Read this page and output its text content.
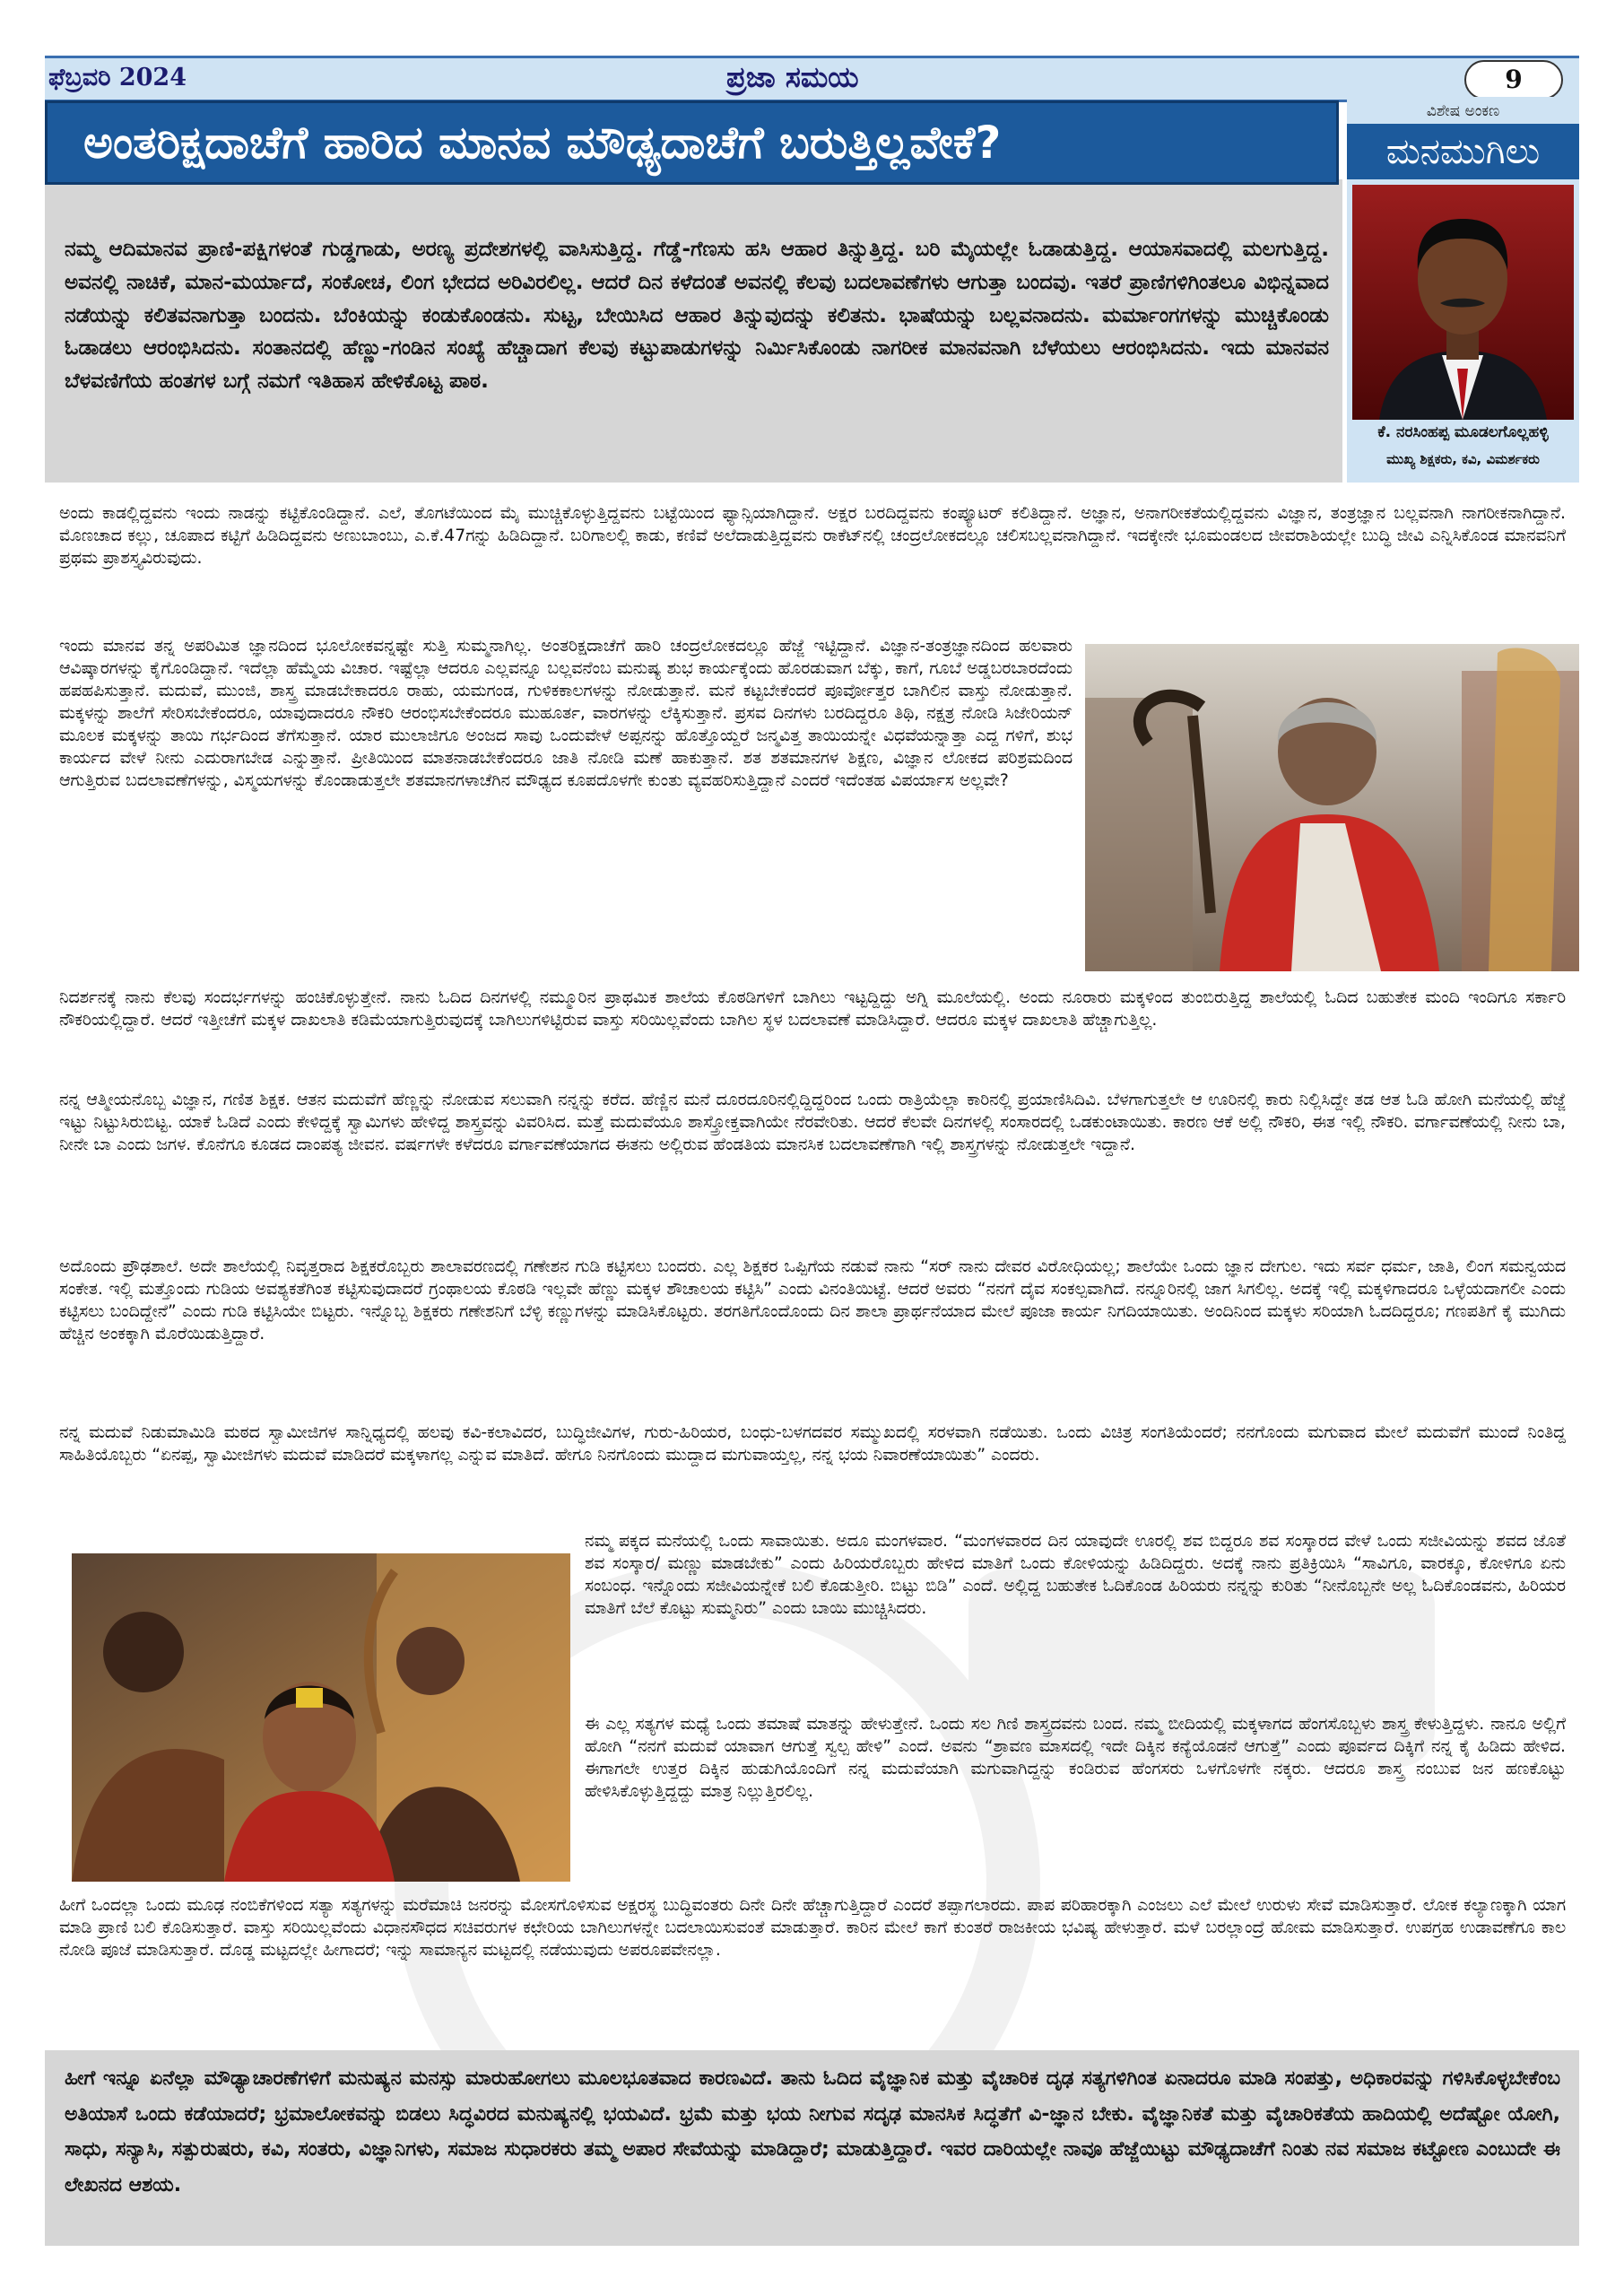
ಫೆಬ್ರವರಿ 2024	ಪ್ರಜಾ ಸಮಯ	9

ನಮ್ಮ ಆದಿಮಾನವ ಪ್ರಾಣಿ-ಪಕ್ಷಿಗಳಂತೆ ಗುಡ್ಡಗಾಡು, ಅರಣ್ಯ ಪ್ರದೇಶಗಳಲ್ಲಿ ವಾಸಿಸುತ್ತಿದ್ದ. ಗೆಡ್ಡೆ-ಗೆಣಸು ಹಸಿ ಆಹಾರ ತಿನ್ನುತ್ತಿದ್ದ. ಬರಿ ಮೈಯಲ್ಲೇ ಓಡಾಡುತ್ತಿದ್ದ. ಆಯಾಸವಾದಲ್ಲಿ ಮಲಗುತ್ತಿದ್ದ. ಅವನಲ್ಲಿ ನಾಚಿಕೆ, ಮಾನ-ಮರ್ಯಾದೆ, ಸಂಕೋಚ, ಲಿಂಗ ಭೇದದ ಅರಿವಿರಲಿಲ್ಲ. ಆದರೆ ದಿನ ಕಳೆದಂತೆ ಅವನಲ್ಲಿ ಕೆಲವು ಬದಲಾವಣೆಗಳು ಆಗುತ್ತಾ ಬಂದವು. ಇತರೆ ಪ್ರಾಣಿಗಳಿಗಿಂತಲೂ ವಿಭಿನ್ನವಾದ ನಡೆಯನ್ನು ಕಲಿತವನಾಗುತ್ತಾ ಬಂದನು. ಬೆಂಕಿಯನ್ನು ಕಂಡುಕೊಂಡನು. ಸುಟ್ಟ, ಬೇಯಿಸಿದ ಆಹಾರ ತಿನ್ನುವುದನ್ನು ಕಲಿತನು. ಭಾಷೆಯನ್ನು ಬಲ್ಲವನಾದನು. ಮರ್ಮಾಂಗಗಳನ್ನು ಮುಚ್ಚಿಕೊಂಡು ಓಡಾಡಲು ಆರಂಭಿಸಿದನು. ಸಂತಾನದಲ್ಲಿ ಹೆಣ್ಣು-ಗಂಡಿನ ಸಂಖ್ಯೆ ಹೆಚ್ಚಾದಾಗ ಕೆಲವು ಕಟ್ಟುಪಾಡುಗಳನ್ನು ನಿರ್ಮಿಸಿಕೊಂಡು ನಾಗರೀಕ ಮಾನವನಾಗಿ ಬೆಳೆಯಲು ಆರಂಭಿಸಿದನು. ಇದು ಮಾನವನ ಬೆಳವಣಿಗೆಯ ಹಂತಗಳ ಬಗ್ಗೆ ನಮಗೆ ಇತಿಹಾಸ ಹೇಳಿಕೊಟ್ಟ ಪಾಠ.

ಅಂತರಿಕ್ಷದಾಚೆಗೆ ಹಾರಿದ ಮಾನವ ಮೌಢ್ಯದಾಚೆಗೆ ಬರುತ್ತಿಲ್ಲವೇಕೆ?
ವಿಶೇಷ ಅಂಕಣ
ಮನಮುಗಿಲು
ಕೆ. ನರಸಿಂಹಪ್ಪ ಮೂಡಲಗೊಲ್ಲಹಳ್ಳಿ
ಮುಖ್ಯ ಶಿಕ್ಷಕರು, ಕವಿ, ವಿಮರ್ಶಕರು

ಅಂದು ಕಾಡಲ್ಲಿದ್ದವನು ಇಂದು ನಾಡನ್ನು ಕಟ್ಟಿಕೊಂಡಿದ್ದಾನೆ. ಎಲೆ, ತೊಗಟೆಯಿಂದ ಮೈ ಮುಚ್ಚಿಕೊಳ್ಳುತ್ತಿದ್ದವನು ಬಟ್ಟೆಯಿಂದ ಫ್ಯಾನ್ಸಿಯಾಗಿದ್ದಾನೆ. ಅಕ್ಷರ ಬರದಿದ್ದವನು ಕಂಪ್ಯೂಟರ್ ಕಲಿತಿದ್ದಾನೆ. ಅಜ್ಞಾನ, ಅನಾಗರೀಕತೆಯಲ್ಲಿದ್ದವನು ವಿಜ್ಞಾನ, ತಂತ್ರಜ್ಞಾನ ಬಲ್ಲವನಾಗಿ ನಾಗರೀಕನಾಗಿದ್ದಾನೆ. ಮೊಣಚಾದ ಕಲ್ಲು, ಚೂಪಾದ ಕಟ್ಟಿಗೆ ಹಿಡಿದಿದ್ದವನು ಅಣುಬಾಂಬು, ಎ.ಕೆ.47ಗನ್ನು ಹಿಡಿದಿದ್ದಾನೆ. ಬರಿಗಾಲಲ್ಲಿ ಕಾಡು, ಕಣಿವೆ ಅಲೆದಾಡುತ್ತಿದ್ದವನು ರಾಕೆಟ್‌ನಲ್ಲಿ ಚಂದ್ರಲೋಕದಲ್ಲೂ ಚಲಿಸಬಲ್ಲವನಾಗಿದ್ದಾನೆ. ಇದಕ್ಕೇನೇ ಭೂಮಂಡಲದ ಜೀವರಾಶಿಯಲ್ಲೇ ಬುದ್ಧಿ ಜೀವಿ ಎನ್ನಿಸಿಕೊಂಡ ಮಾನವನಿಗೆ ಪ್ರಥಮ ಪ್ರಾಶಸ್ತ್ಯವಿರುವುದು.

ಇಂದು ಮಾನವ ತನ್ನ ಅಪರಿಮಿತ ಜ್ಞಾನದಿಂದ ಭೂಲೋಕವನ್ನಷ್ಟೇ ಸುತ್ತಿ ಸುಮ್ಮನಾಗಿಲ್ಲ. ಅಂತರಿಕ್ಷದಾಚೆಗೆ ಹಾರಿ ಚಂದ್ರಲೋಕದಲ್ಲೂ ಹೆಜ್ಜೆ ಇಟ್ಟಿದ್ದಾನೆ. ವಿಜ್ಞಾನ-ತಂತ್ರಜ್ಞಾನದಿಂದ ಹಲವಾರು ಆವಿಷ್ಕಾರಗಳನ್ನು ಕೈಗೊಂಡಿದ್ದಾನೆ. ಇದೆಲ್ಲಾ ಹೆಮ್ಮೆಯ ವಿಚಾರ. ಇಷ್ಟೆಲ್ಲಾ ಆದರೂ ಎಲ್ಲವನ್ನೂ ಬಲ್ಲವನೆಂಬ ಮನುಷ್ಯ ಶುಭ ಕಾರ್ಯಕ್ಕೆಂದು ಹೊರಡುವಾಗ ಬೆಕ್ಕು, ಕಾಗೆ, ಗೂಬೆ ಅಡ್ಡಬರಬಾರದೆಂದು ಹಪಹಪಿಸುತ್ತಾನೆ. ಮದುವೆ, ಮುಂಜಿ, ಶಾಸ್ತ್ರ ಮಾಡಬೇಕಾದರೂ ರಾಹು, ಯಮಗಂಡ, ಗುಳಿಕಕಾಲಗಳನ್ನು ನೋಡುತ್ತಾನೆ. ಮನೆ ಕಟ್ಟಬೇಕೆಂದರೆ ಪೂರ್ವೋತ್ತರ ಬಾಗಿಲಿನ ವಾಸ್ತು ನೋಡುತ್ತಾನೆ. ಮಕ್ಕಳನ್ನು ಶಾಲೆಗೆ ಸೇರಿಸಬೇಕೆಂದರೂ, ಯಾವುದಾದರೂ ನೌಕರಿ ಆರಂಭಿಸಬೇಕೆಂದರೂ ಮುಹೂರ್ತ, ವಾರಗಳನ್ನು ಲೆಕ್ಕಿಸುತ್ತಾನೆ. ಪ್ರಸವ ದಿನಗಳು ಬರದಿದ್ದರೂ ತಿಥಿ, ನಕ್ಷತ್ರ ನೋಡಿ ಸಿಜೇರಿಯನ್ ಮೂಲಕ ಮಕ್ಕಳನ್ನು ತಾಯಿ ಗರ್ಭದಿಂದ ತೆಗೆಸುತ್ತಾನೆ. ಯಾರ ಮುಲಾಜಿಗೂ ಅಂಜದ ಸಾವು ಒಂದುವೇಳೆ ಅಪ್ಪನನ್ನು ಹೊತ್ತೊಯ್ದರೆ ಜನ್ಮವಿತ್ತ ತಾಯಿಯನ್ನೇ ವಿಧವೆಯನ್ನಾತ್ತಾ ಎದ್ದ ಗಳಿಗೆ, ಶುಭ ಕಾರ್ಯದ ವೇಳೆ ನೀನು ಎದುರಾಗಬೇಡ ಎನ್ನುತ್ತಾನೆ. ಪ್ರೀತಿಯಿಂದ ಮಾತನಾಡಬೇಕೆಂದರೂ ಜಾತಿ ನೋಡಿ ಮಣೆ ಹಾಕುತ್ತಾನೆ. ಶತ ಶತಮಾನಗಳ ಶಿಕ್ಷಣ, ವಿಜ್ಞಾನ ಲೋಕದ ಪರಿಶ್ರಮದಿಂದ ಆಗುತ್ತಿರುವ ಬದಲಾವಣೆಗಳನ್ನು, ವಿಸ್ಮಯಗಳನ್ನು ಕೊಂಡಾಡುತ್ತಲೇ ಶತಮಾನಗಳಾಚೆಗಿನ ಮೌಢ್ಯದ ಕೂಪದೊಳಗೇ ಕುಂತು ವ್ಯವಹರಿಸುತ್ತಿದ್ದಾನೆ ಎಂದರೆ ಇದೆಂತಹ ವಿಪರ್ಯಾಸ ಅಲ್ಲವೇ?

ನಿದರ್ಶನಕ್ಕೆ ನಾನು ಕೆಲವು ಸಂದರ್ಭಗಳನ್ನು ಹಂಚಿಕೊಳ್ಳುತ್ತೇನೆ. ನಾನು ಓದಿದ ದಿನಗಳಲ್ಲಿ ನಮ್ಮೂರಿನ ಪ್ರಾಥಮಿಕ ಶಾಲೆಯ ಕೊಠಡಿಗಳಿಗೆ ಬಾಗಿಲು ಇಟ್ಟದ್ದಿದ್ದು ಅಗ್ನಿ ಮೂಲೆಯಲ್ಲಿ. ಅಂದು ನೂರಾರು ಮಕ್ಕಳಿಂದ ತುಂಬಿರುತ್ತಿದ್ದ ಶಾಲೆಯಲ್ಲಿ ಓದಿದ ಬಹುತೇಕ ಮಂದಿ ಇಂದಿಗೂ ಸರ್ಕಾರಿ ನೌಕರಿಯಲ್ಲಿದ್ದಾರೆ. ಆದರೆ ಇತ್ತೀಚೆಗೆ ಮಕ್ಕಳ ದಾಖಲಾತಿ ಕಡಿಮೆಯಾಗುತ್ತಿರುವುದಕ್ಕೆ ಬಾಗಿಲುಗಳಿಟ್ಟಿರುವ ವಾಸ್ತು ಸರಿಯಿಲ್ಲವೆಂದು ಬಾಗಿಲ ಸ್ಥಳ ಬದಲಾವಣೆ ಮಾಡಿಸಿದ್ದಾರೆ. ಆದರೂ ಮಕ್ಕಳ ದಾಖಲಾತಿ ಹೆಚ್ಚಾಗುತ್ತಿಲ್ಲ.

ನನ್ನ ಆತ್ಮೀಯನೊಬ್ಬ ವಿಜ್ಞಾನ, ಗಣಿತ ಶಿಕ್ಷಕ. ಆತನ ಮದುವೆಗೆ ಹೆಣ್ಣನ್ನು ನೋಡುವ ಸಲುವಾಗಿ ನನ್ನನ್ನು ಕರೆದ. ಹೆಣ್ಣಿನ ಮನೆ ದೂರದೂರಿನಲ್ಲಿದ್ದಿದ್ದರಿಂದ ಒಂದು ರಾತ್ರಿಯೆಲ್ಲಾ ಕಾರಿನಲ್ಲಿ ಪ್ರಯಾಣಿಸಿದಿವಿ. ಬೆಳಗಾಗುತ್ತಲೇ ಆ ಊರಿನಲ್ಲಿ ಕಾರು ನಿಲ್ಲಿಸಿದ್ದೇ ತಡ ಆತ ಓಡಿ ಹೋಗಿ ಮನೆಯಲ್ಲಿ ಹೆಜ್ಜೆ ಇಟ್ಟು ನಿಟ್ಟುಸಿರುಬಿಟ್ಟ. ಯಾಕೆ ಓಡಿದೆ ಎಂದು ಕೇಳಿದ್ದಕ್ಕೆ ಸ್ವಾಮಿಗಳು ಹೇಳಿದ್ದ ಶಾಸ್ತ್ರವನ್ನು ವಿವರಿಸಿದ. ಮತ್ತೆ ಮದುವೆಯೂ ಶಾಸ್ತ್ರೋಕ್ತವಾಗಿಯೇ ನೆರವೇರಿತು. ಆದರೆ ಕೆಲವೇ ದಿನಗಳಲ್ಲಿ ಸಂಸಾರದಲ್ಲಿ ಒಡಕುಂಟಾಯಿತು. ಕಾರಣ ಆಕೆ ಅಲ್ಲಿ ನೌಕರಿ, ಈತ ಇಲ್ಲಿ ನೌಕರಿ. ವರ್ಗಾವಣೆಯಲ್ಲಿ ನೀನು ಬಾ, ನೀನೇ ಬಾ ಎಂದು ಜಗಳ. ಕೊನೆಗೂ ಕೂಡದ ದಾಂಪತ್ಯ ಜೀವನ. ವರ್ಷಗಳೇ ಕಳೆದರೂ ವರ್ಗಾವಣೆಯಾಗದ ಈತನು ಅಲ್ಲಿರುವ ಹೆಂಡತಿಯ ಮಾನಸಿಕ ಬದಲಾವಣೆಗಾಗಿ ಇಲ್ಲಿ ಶಾಸ್ತ್ರಗಳನ್ನು ನೋಡುತ್ತಲೇ ಇದ್ದಾನೆ.

ಅದೊಂದು ಪ್ರೌಢಶಾಲೆ. ಅದೇ ಶಾಲೆಯಲ್ಲಿ ನಿವೃತ್ತರಾದ ಶಿಕ್ಷಕರೊಬ್ಬರು ಶಾಲಾವರಣದಲ್ಲಿ ಗಣೇಶನ ಗುಡಿ ಕಟ್ಟಿಸಲು ಬಂದರು. ಎಲ್ಲ ಶಿಕ್ಷಕರ ಒಪ್ಪಿಗೆಯ ನಡುವೆ ನಾನು “ಸರ್ ನಾನು ದೇವರ ವಿರೋಧಿಯಲ್ಲ; ಶಾಲೆಯೇ ಒಂದು ಜ್ಞಾನ ದೇಗುಲ. ಇದು ಸರ್ವ ಧರ್ಮ, ಜಾತಿ, ಲಿಂಗ ಸಮನ್ವಯದ ಸಂಕೇತ. ಇಲ್ಲಿ ಮತ್ತೊಂದು ಗುಡಿಯ ಅವಶ್ಯಕತೆಗಿಂತ ಕಟ್ಟಿಸುವುದಾದರೆ ಗ್ರಂಥಾಲಯ ಕೊಠಡಿ ಇಲ್ಲವೇ ಹೆಣ್ಣು ಮಕ್ಕಳ ಶೌಚಾಲಯ ಕಟ್ಟಿಸಿ” ಎಂದು ವಿನಂತಿಯಿಟ್ಟೆ. ಆದರೆ ಅವರು “ನನಗೆ ದೈವ ಸಂಕಲ್ಪವಾಗಿದೆ. ನನ್ನೂರಿನಲ್ಲಿ ಜಾಗ ಸಿಗಲಿಲ್ಲ. ಅದಕ್ಕೆ ಇಲ್ಲಿ ಮಕ್ಕಳಿಗಾದರೂ ಒಳ್ಳೆಯದಾಗಲೀ ಎಂದು ಕಟ್ಟಿಸಲು ಬಂದಿದ್ದೇನೆ” ಎಂದು ಗುಡಿ ಕಟ್ಟಿಸಿಯೇ ಬಿಟ್ಟರು. ಇನ್ನೊಬ್ಬ ಶಿಕ್ಷಕರು ಗಣೇಶನಿಗೆ ಬೆಳ್ಳಿ ಕಣ್ಣುಗಳನ್ನು ಮಾಡಿಸಿಕೊಟ್ಟರು. ತರಗತಿಗೊಂದೊಂದು ದಿನ ಶಾಲಾ ಪ್ರಾರ್ಥನೆಯಾದ ಮೇಲೆ ಪೂಜಾ ಕಾರ್ಯ ನಿಗದಿಯಾಯಿತು. ಅಂದಿನಿಂದ ಮಕ್ಕಳು ಸರಿಯಾಗಿ ಓದದಿದ್ದರೂ; ಗಣಪತಿಗೆ ಕೈ ಮುಗಿದು ಹೆಚ್ಚಿನ ಅಂಕಕ್ಕಾಗಿ ಮೊರೆಯಿಡುತ್ತಿದ್ದಾರೆ.

ನನ್ನ ಮದುವೆ ನಿಡುಮಾಮಿಡಿ ಮಠದ ಸ್ವಾಮೀಜಿಗಳ ಸಾನ್ನಿಧ್ಯದಲ್ಲಿ ಹಲವು ಕವಿ-ಕಲಾವಿದರ, ಬುದ್ಧಿಜೀವಿಗಳ, ಗುರು-ಹಿರಿಯರ, ಬಂಧು-ಬಳಗದವರ ಸಮ್ಮುಖದಲ್ಲಿ ಸರಳವಾಗಿ ನಡೆಯಿತು. ಒಂದು ವಿಚಿತ್ರ ಸಂಗತಿಯೆಂದರೆ; ನನಗೊಂದು ಮಗುವಾದ ಮೇಲೆ ಮದುವೆಗೆ ಮುಂದೆ ನಿಂತಿದ್ದ ಸಾಹಿತಿಯೊಬ್ಬರು “ಏನಪ್ಪ, ಸ್ವಾಮೀಜಿಗಳು ಮದುವೆ ಮಾಡಿದರೆ ಮಕ್ಕಳಾಗಲ್ಲ ಎನ್ನುವ ಮಾತಿದೆ. ಹೇಗೂ ನಿನಗೊಂದು ಮುದ್ದಾದ ಮಗುವಾಯ್ತಲ್ಲ, ನನ್ನ ಭಯ ನಿವಾರಣೆಯಾಯಿತು” ಎಂದರು.

ನಮ್ಮ ಪಕ್ಕದ ಮನೆಯಲ್ಲಿ ಒಂದು ಸಾವಾಯಿತು. ಅದೂ ಮಂಗಳವಾರ. “ಮಂಗಳವಾರದ ದಿನ ಯಾವುದೇ ಊರಲ್ಲಿ ಶವ ಬಿದ್ದರೂ ಶವ ಸಂಸ್ಕಾರದ ವೇಳೆ ಒಂದು ಸಜೀವಿಯನ್ನು ಶವದ ಜೊತೆ ಶವ ಸಂಸ್ಕಾರ/ ಮಣ್ಣು ಮಾಡಬೇಕು” ಎಂದು ಹಿರಿಯರೊಬ್ಬರು ಹೇಳಿದ ಮಾತಿಗೆ ಒಂದು ಕೋಳಿಯನ್ನು ಹಿಡಿದಿದ್ದರು. ಅದಕ್ಕೆ ನಾನು ಪ್ರತಿಕ್ರಿಯಿಸಿ “ಸಾವಿಗೂ, ವಾರಕ್ಕೂ, ಕೋಳಿಗೂ ಏನು ಸಂಬಂಧ. ಇನ್ನೊಂದು ಸಜೀವಿಯನ್ನೇಕೆ ಬಲಿ ಕೊಡುತ್ತೀರಿ. ಬಿಟ್ಟು ಬಿಡಿ” ಎಂದೆ. ಅಲ್ಲಿದ್ದ ಬಹುತೇಕ ಓದಿಕೊಂಡ ಹಿರಿಯರು ನನ್ನನ್ನು ಕುರಿತು “ನೀನೊಬ್ಬನೇ ಅಲ್ಲ ಓದಿಕೊಂಡವನು, ಹಿರಿಯರ ಮಾತಿಗೆ ಬೆಲೆ ಕೊಟ್ಟು ಸುಮ್ಮನಿರು” ಎಂದು ಬಾಯಿ ಮುಚ್ಚಿಸಿದರು.

ಈ ಎಲ್ಲ ಸತ್ಯಗಳ ಮಧ್ಯೆ ಒಂದು ತಮಾಷೆ ಮಾತನ್ನು ಹೇಳುತ್ತೇನೆ. ಒಂದು ಸಲ ಗಿಣಿ ಶಾಸ್ತ್ರದವನು ಬಂದ. ನಮ್ಮ ಬೀದಿಯಲ್ಲಿ ಮಕ್ಕಳಾಗದ ಹೆಂಗಸೊಬ್ಬಳು ಶಾಸ್ತ್ರ ಕೇಳುತ್ತಿದ್ದಳು. ನಾನೂ ಅಲ್ಲಿಗೆ ಹೋಗಿ “ನನಗೆ ಮದುವೆ ಯಾವಾಗ ಆಗುತ್ತೆ ಸ್ವಲ್ಪ ಹೇಳಿ” ಎಂದೆ. ಅವನು “ಶ್ರಾವಣ ಮಾಸದಲ್ಲಿ ಇದೇ ದಿಕ್ಕಿನ ಕನ್ಯೆಯೊಡನೆ ಆಗುತ್ತೆ” ಎಂದು ಪೂರ್ವದ ದಿಕ್ಕಿಗೆ ನನ್ನ ಕೈ ಹಿಡಿದು ಹೇಳಿದ. ಈಗಾಗಲೇ ಉತ್ತರ ದಿಕ್ಕಿನ ಹುಡುಗಿಯೊಂದಿಗೆ ನನ್ನ ಮದುವೆಯಾಗಿ ಮಗುವಾಗಿದ್ದನ್ನು ಕಂಡಿರುವ ಹೆಂಗಸರು ಒಳಗೊಳಗೇ ನಕ್ಕರು. ಆದರೂ ಶಾಸ್ತ್ರ ನಂಬುವ ಜನ ಹಣಕೊಟ್ಟು ಹೇಳಿಸಿಕೊಳ್ಳುತ್ತಿದ್ದದ್ದು ಮಾತ್ರ ನಿಲ್ಲುತ್ತಿರಲಿಲ್ಲ.

ಹೀಗೆ ಒಂದಲ್ಲಾ ಒಂದು ಮೂಢ ನಂಬಿಕೆಗಳಿಂದ ಸತ್ಯಾ ಸತ್ಯಗಳನ್ನು ಮರೆಮಾಚಿ ಜನರನ್ನು ಮೋಸಗೊಳಿಸುವ ಅಕ್ಷರಸ್ಥ ಬುದ್ಧಿವಂತರು ದಿನೇ ದಿನೇ ಹೆಚ್ಚಾಗುತ್ತಿದ್ದಾರೆ ಎಂದರೆ ತಪ್ಪಾಗಲಾರದು. ಪಾಪ ಪರಿಹಾರಕ್ಕಾಗಿ ಎಂಜಲು ಎಲೆ ಮೇಲೆ ಉರುಳು ಸೇವೆ ಮಾಡಿಸುತ್ತಾರೆ. ಲೋಕ ಕಲ್ಯಾಣಕ್ಕಾಗಿ ಯಾಗ ಮಾಡಿ ಪ್ರಾಣಿ ಬಲಿ ಕೊಡಿಸುತ್ತಾರೆ. ವಾಸ್ತು ಸರಿಯಿಲ್ಲವೆಂದು ವಿಧಾನಸೌಧದ ಸಚಿವರುಗಳ ಕಛೇರಿಯ ಬಾಗಿಲುಗಳನ್ನೇ ಬದಲಾಯಿಸುವಂತೆ ಮಾಡುತ್ತಾರೆ. ಕಾರಿನ ಮೇಲೆ ಕಾಗೆ ಕುಂತರೆ ರಾಜಕೀಯ ಭವಿಷ್ಯ ಹೇಳುತ್ತಾರೆ. ಮಳೆ ಬರಲ್ಲಾಂದ್ರೆ ಹೋಮ ಮಾಡಿಸುತ್ತಾರೆ. ಉಪಗ್ರಹ ಉಡಾವಣೆಗೂ ಕಾಲ ನೋಡಿ ಪೂಜೆ ಮಾಡಿಸುತ್ತಾರೆ. ದೊಡ್ಡ ಮಟ್ಟದಲ್ಲೇ ಹೀಗಾದರೆ; ಇನ್ನು ಸಾಮಾನ್ಯನ ಮಟ್ಟದಲ್ಲಿ ನಡೆಯುವುದು ಅಪರೂಪವೇನಲ್ಲಾ.

ಹೀಗೆ ಇನ್ನೂ ಏನೆಲ್ಲಾ ಮೌಢ್ಯಾಚಾರಣೆಗಳಿಗೆ ಮನುಷ್ಯನ ಮನಸ್ಸು ಮಾರುಹೋಗಲು ಮೂಲಭೂತವಾದ ಕಾರಣವಿದೆ. ತಾನು ಓದಿದ ವೈಜ್ಞಾನಿಕ ಮತ್ತು ವೈಚಾರಿಕ ದೃಢ ಸತ್ಯಗಳಿಗಿಂತ ಏನಾದರೂ ಮಾಡಿ ಸಂಪತ್ತು, ಅಧಿಕಾರವನ್ನು ಗಳಿಸಿಕೊಳ್ಳಬೇಕೆಂಬ ಅತಿಯಾಸೆ ಒಂದು ಕಡೆಯಾದರೆ; ಭ್ರಮಾಲೋಕವನ್ನು ಬಿಡಲು ಸಿದ್ಧವಿರದ ಮನುಷ್ಯನಲ್ಲಿ ಭಯವಿದೆ. ಭ್ರಮೆ ಮತ್ತು ಭಯ ನೀಗುವ ಸದೃಢ ಮಾನಸಿಕ ಸಿದ್ಧತೆಗೆ ವಿ-ಜ್ಞಾನ ಬೇಕು. ವೈಜ್ಞಾನಿಕತೆ ಮತ್ತು ವೈಚಾರಿಕತೆಯ ಹಾದಿಯಲ್ಲಿ ಅದೆಷ್ಟೋ ಯೋಗಿ, ಸಾಧು, ಸನ್ಯಾಸಿ, ಸತ್ಪುರುಷರು, ಕವಿ, ಸಂತರು, ವಿಜ್ಞಾನಿಗಳು, ಸಮಾಜ ಸುಧಾರಕರು ತಮ್ಮ ಅಪಾರ ಸೇವೆಯನ್ನು ಮಾಡಿದ್ದಾರೆ; ಮಾಡುತ್ತಿದ್ದಾರೆ. ಇವರ ದಾರಿಯಲ್ಲೇ ನಾವೂ ಹೆಜ್ಜೆಯಿಟ್ಟು ಮೌಢ್ಯದಾಚೆಗೆ ನಿಂತು ನವ ಸಮಾಜ ಕಟ್ಟೋಣ ಎಂಬುದೇ ಈ ಲೇಖನದ ಆಶಯ.
